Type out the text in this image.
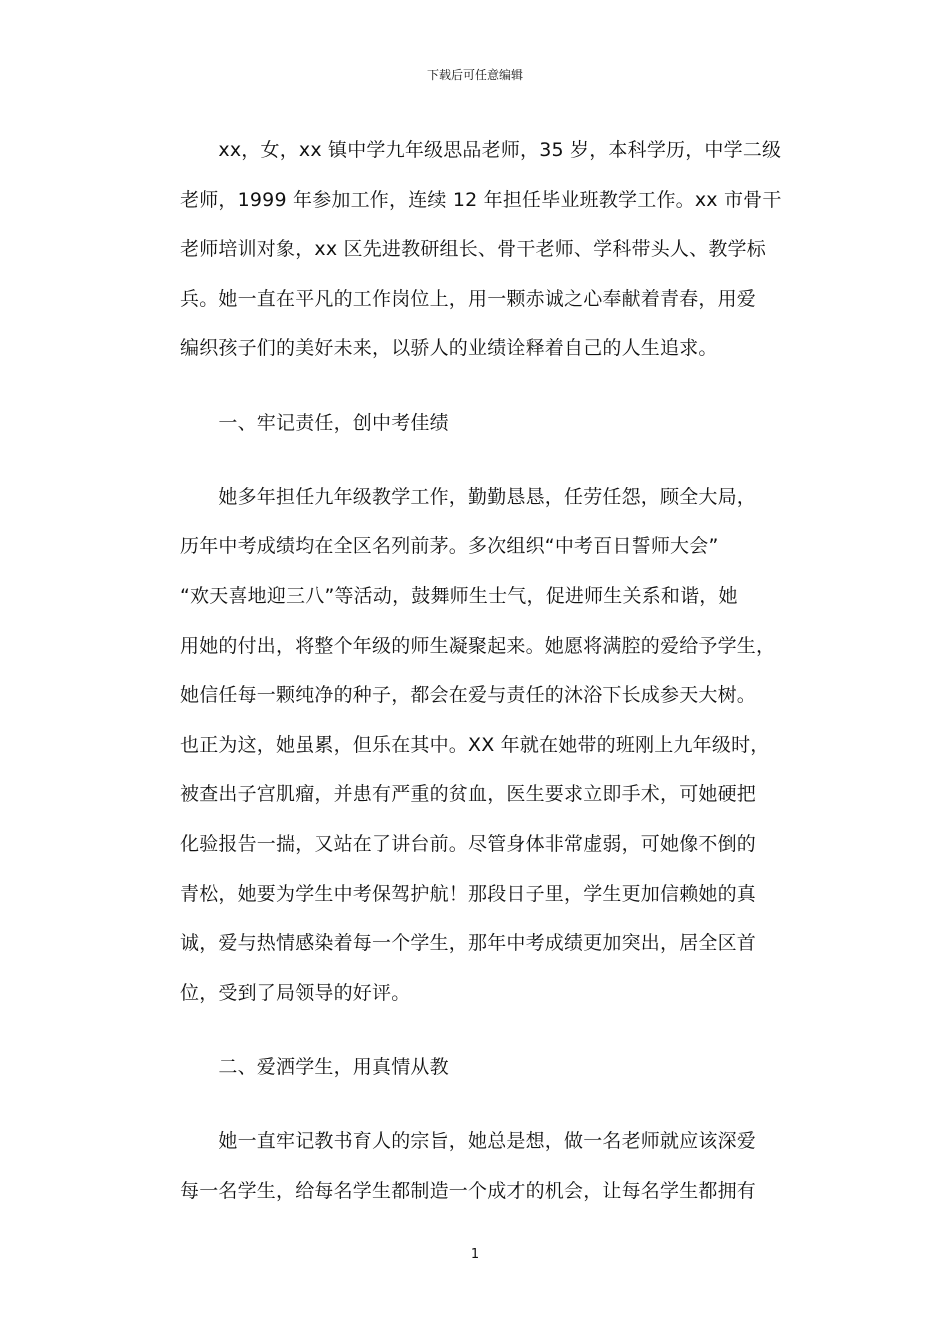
下载后可任意编辑
　　xx，女，xx 镇中学九年级思品老师，35 岁，本科学历，中学二级
老师，1999 年参加工作，连续 12 年担任毕业班教学工作。xx 市骨干
老师培训对象，xx 区先进教研组长、骨干老师、学科带头人、教学标
兵。她一直在平凡的工作岗位上，用一颗赤诚之心奉献着青春，用爱
编织孩子们的美好未来，以骄人的业绩诠释着自己的人生追求。
　　一、牢记责任，创中考佳绩
　　她多年担任九年级教学工作，勤勤恳恳，任劳任怨，顾全大局，
历年中考成绩均在全区名列前茅。多次组织“中考百日誓师大会”
“欢天喜地迎三八”等活动，鼓舞师生士气，促进师生关系和谐，她
用她的付出，将整个年级的师生凝聚起来。她愿将满腔的爱给予学生，
她信任每一颗纯净的种子，都会在爱与责任的沐浴下长成参天大树。
也正为这，她虽累，但乐在其中。XX 年就在她带的班刚上九年级时，
被查出子宫肌瘤，并患有严重的贫血，医生要求立即手术，可她硬把
化验报告一揣，又站在了讲台前。尽管身体非常虚弱，可她像不倒的
青松，她要为学生中考保驾护航！那段日子里，学生更加信赖她的真
诚，爱与热情感染着每一个学生，那年中考成绩更加突出，居全区首
位，受到了局领导的好评。
　　二、爱洒学生，用真情从教
　　她一直牢记教书育人的宗旨，她总是想，做一名老师就应该深爱
每一名学生，给每名学生都制造一个成才的机会，让每名学生都拥有
1
